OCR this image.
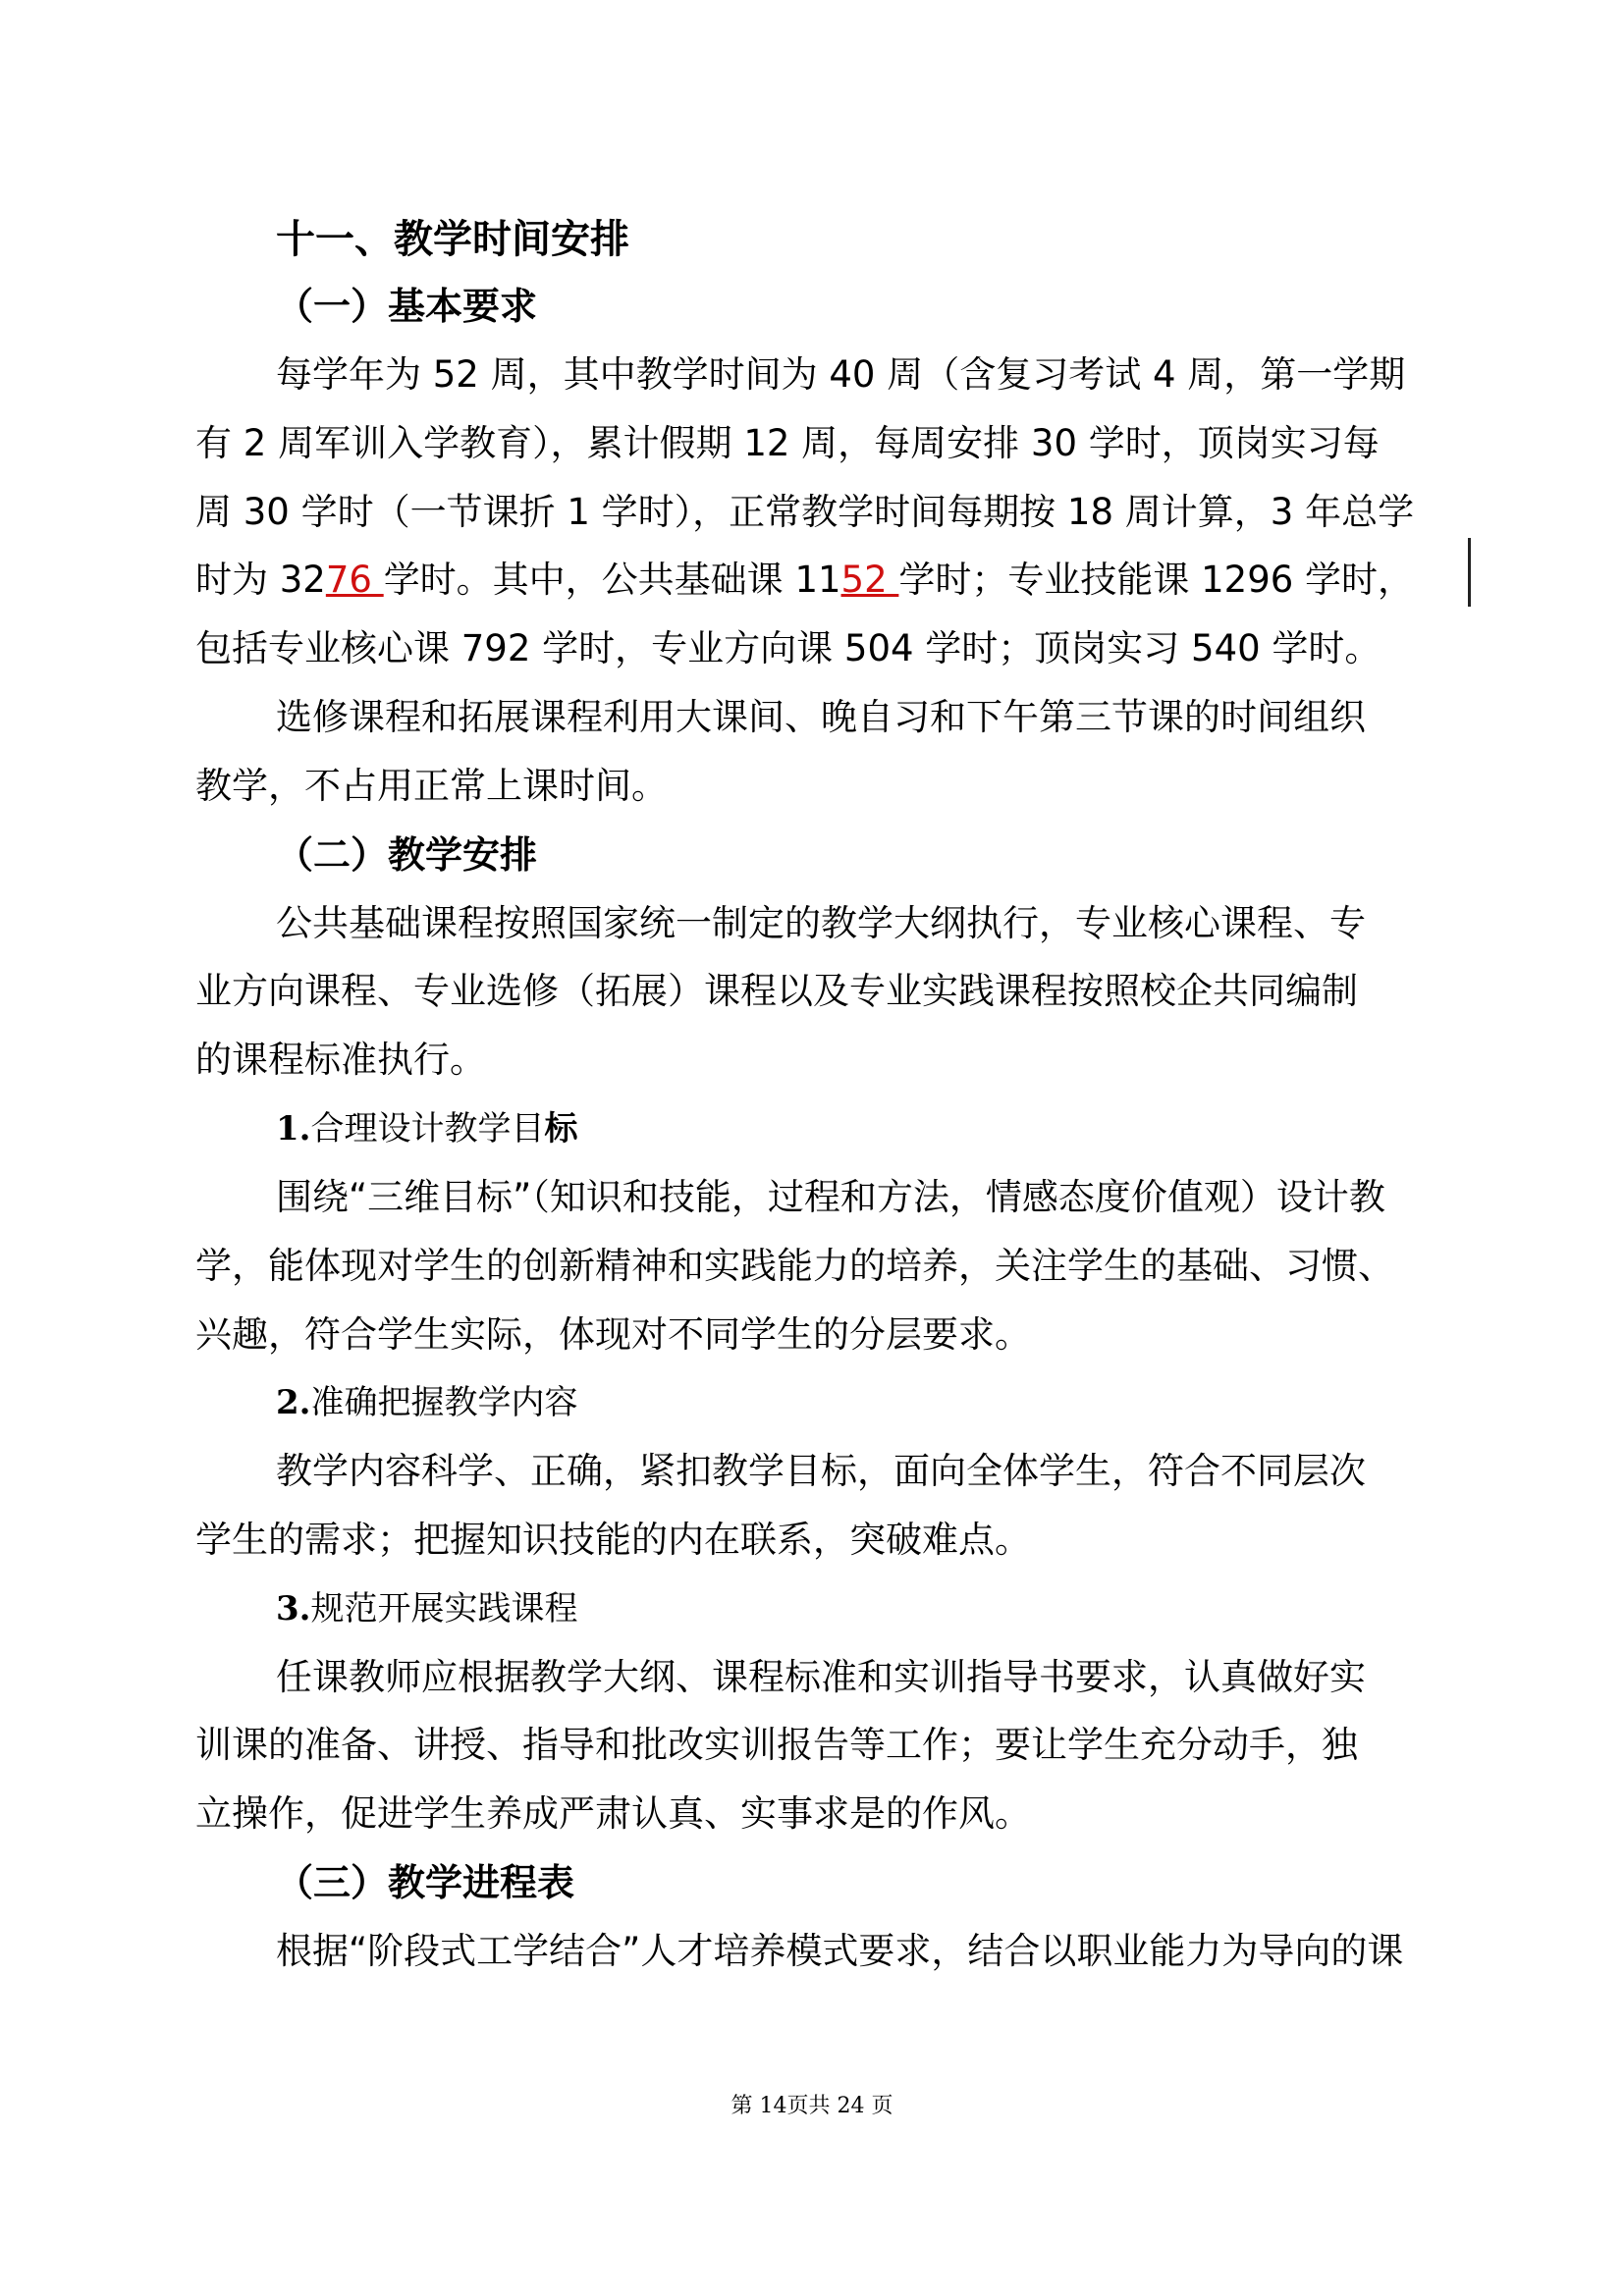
十一、教学时间安排
（一）基本要求
每学年为 52 周，其中教学时间为 40 周（含复习考试 4 周，第一学期
有 2 周军训入学教育），累计假期 12 周，每周安排 30 学时，顶岗实习每
周 30 学时（一节课折 1 学时），正常教学时间每期按 18 周计算，3 年总学
时为 3276 学时。其中，公共基础课 1152 学时；专业技能课 1296 学时，
包括专业核心课 792 学时，专业方向课 504 学时；顶岗实习 540 学时。
选修课程和拓展课程利用大课间、晚自习和下午第三节课的时间组织
教学，不占用正常上课时间。
（二）教学安排
公共基础课程按照国家统一制定的教学大纲执行，专业核心课程、专
业方向课程、专业选修（拓展）课程以及专业实践课程按照校企共同编制
的课程标准执行。
1.合理设计教学目标
围绕“三维目标”（知识和技能，过程和方法，情感态度价值观）设计教
学，能体现对学生的创新精神和实践能力的培养，关注学生的基础、习惯、
兴趣，符合学生实际，体现对不同学生的分层要求。
2.准确把握教学内容
教学内容科学、正确，紧扣教学目标，面向全体学生，符合不同层次
学生的需求；把握知识技能的内在联系，突破难点。
3.规范开展实践课程
任课教师应根据教学大纲、课程标准和实训指导书要求，认真做好实
训课的准备、讲授、指导和批改实训报告等工作；要让学生充分动手，独
立操作，促进学生养成严肃认真、实事求是的作风。
（三）教学进程表
根据“阶段式工学结合”人才培养模式要求，结合以职业能力为导向的课
第 14页共 24 页
